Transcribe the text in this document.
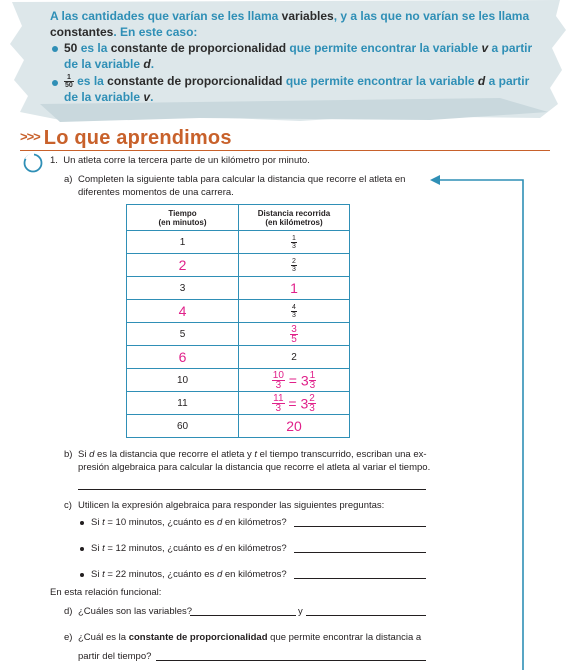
A las cantidades que varían se les llama variables, y a las que no varían se les llama
constantes. En este caso:
50 es la constante de proporcionalidad que permite encontrar la variable v a partir
de la variable d.
$\frac{1}{50}$ es la constante de proporcionalidad que permite encontrar la variable d a partir
de la variable v.
>>> Lo que aprendimos
1. Un atleta corre la tercera parte de un kilómetro por minuto.
a) Completen la siguiente tabla para calcular la distancia que recorre el atleta en
diferentes momentos de una carrera.
Tiempo
(en minutos)	Distancia recorrida
(en kilómetros)
1	$\frac{1}{3}$

2	$\frac{2}{3}$

3	1
4	$\frac{4}{3}$

5	$\frac{3}{5}$

6	2
10	$\frac{10}{3} = 3 \frac{1}{3}$

11	$\frac{11}{3} = 3 \frac{2}{3}$

60	20
b) Si d es la distancia que recorre el atleta y t el tiempo transcurrido, escriban una ex-
presión algebraica para calcular la distancia que recorre el atleta al variar el tiempo.
c) Utilicen la expresión algebraica para responder las siguientes preguntas:
Si t = 10 minutos, ¿cuánto es d en kilómetros?
Si t = 12 minutos, ¿cuánto es d en kilómetros?
Si t = 22 minutos, ¿cuánto es d en kilómetros?
En esta relación funcional:
d) ¿Cuáles son las variables?	y
e) ¿Cuál es la constante de proporcionalidad que permite encontrar la distancia a
partir del tiempo?
